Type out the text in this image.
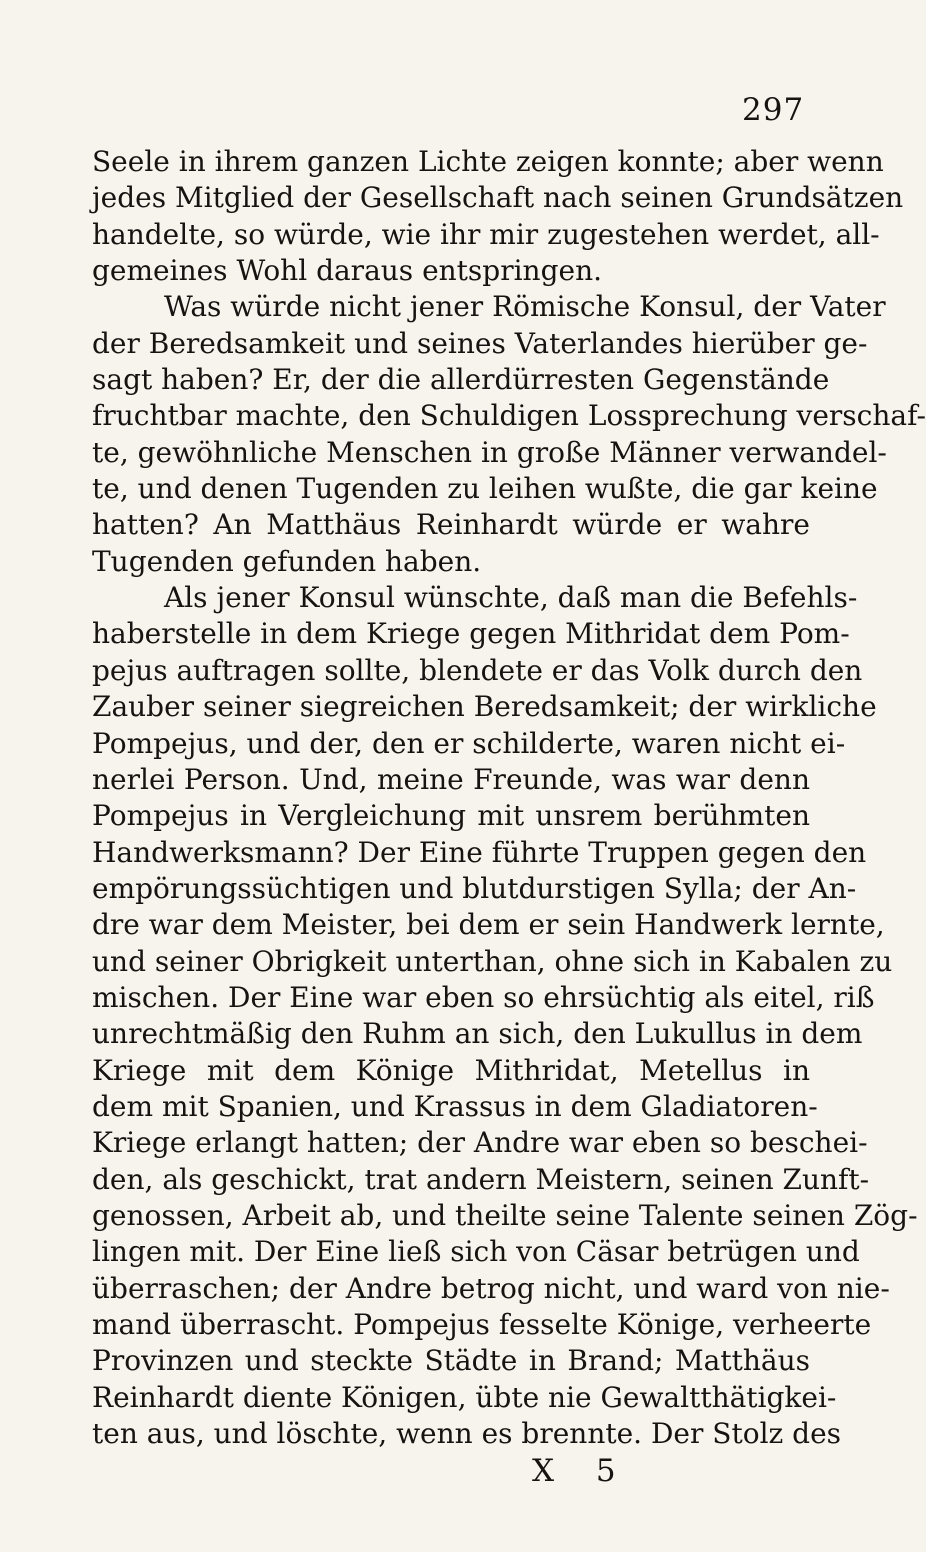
297
Seele in ihrem ganzen Lichte zeigen konnte; aber wenn
jedes Mitglied der Gesellschaft nach seinen Grundsätzen
handelte, so würde, wie ihr mir zugestehen werdet, all-
gemeines Wohl daraus entspringen.
Was würde nicht jener Römische Konsul, der Vater
der Beredsamkeit und seines Vaterlandes hierüber ge-
sagt haben? Er, der die allerdürresten Gegenstände
fruchtbar machte, den Schuldigen Lossprechung verschaf-
te, gewöhnliche Menschen in große Männer verwandel-
te, und denen Tugenden zu leihen wußte, die gar keine
hatten? An Matthäus Reinhardt würde er wahre
Tugenden gefunden haben.
Als jener Konsul wünschte, daß man die Befehls-
haberstelle in dem Kriege gegen Mithridat dem Pom-
pejus auftragen sollte, blendete er das Volk durch den
Zauber seiner siegreichen Beredsamkeit; der wirkliche
Pompejus, und der, den er schilderte, waren nicht ei-
nerlei Person. Und, meine Freunde, was war denn
Pompejus in Vergleichung mit unsrem berühmten
Handwerksmann? Der Eine führte Truppen gegen den
empörungssüchtigen und blutdurstigen Sylla; der An-
dre war dem Meister, bei dem er sein Handwerk lernte,
und seiner Obrigkeit unterthan, ohne sich in Kabalen zu
mischen. Der Eine war eben so ehrsüchtig als eitel, riß
unrechtmäßig den Ruhm an sich, den Lukullus in dem
Kriege mit dem Könige Mithridat, Metellus in
dem mit Spanien, und Krassus in dem Gladiatoren-
Kriege erlangt hatten; der Andre war eben so beschei-
den, als geschickt, trat andern Meistern, seinen Zunft-
genossen, Arbeit ab, und theilte seine Talente seinen Zög-
lingen mit. Der Eine ließ sich von Cäsar betrügen und
überraschen; der Andre betrog nicht, und ward von nie-
mand überrascht. Pompejus fesselte Könige, verheerte
Provinzen und steckte Städte in Brand; Matthäus
Reinhardt diente Königen, übte nie Gewaltthätigkei-
ten aus, und löschte, wenn es brennte. Der Stolz des
X 5
